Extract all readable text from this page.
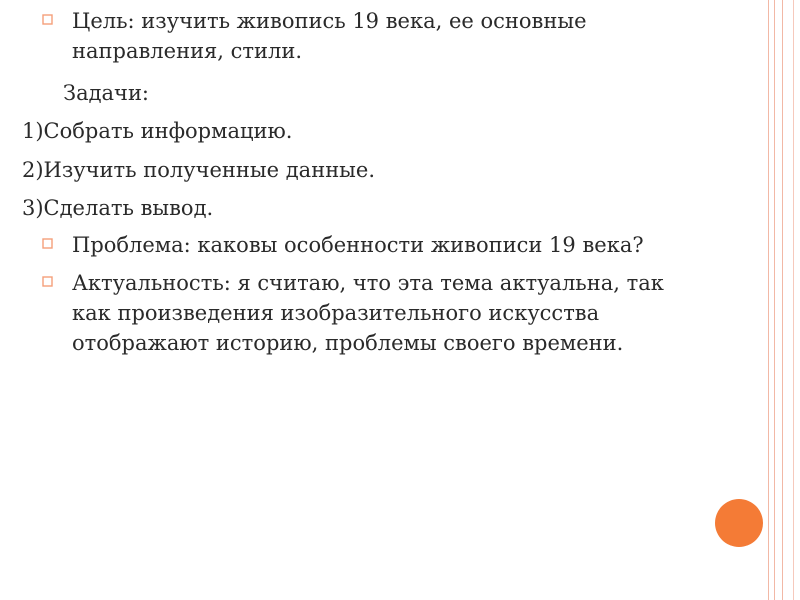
Цель: изучить живопись 19 века, ее основные направления, стили.
Задачи:
1)Собрать информацию.
2)Изучить полученные данные.
3)Сделать вывод.
Проблема: каковы особенности живописи 19 века?
Актуальность: я считаю, что эта тема актуальна, так как произведения изобразительного искусства отображают историю, проблемы своего времени.
